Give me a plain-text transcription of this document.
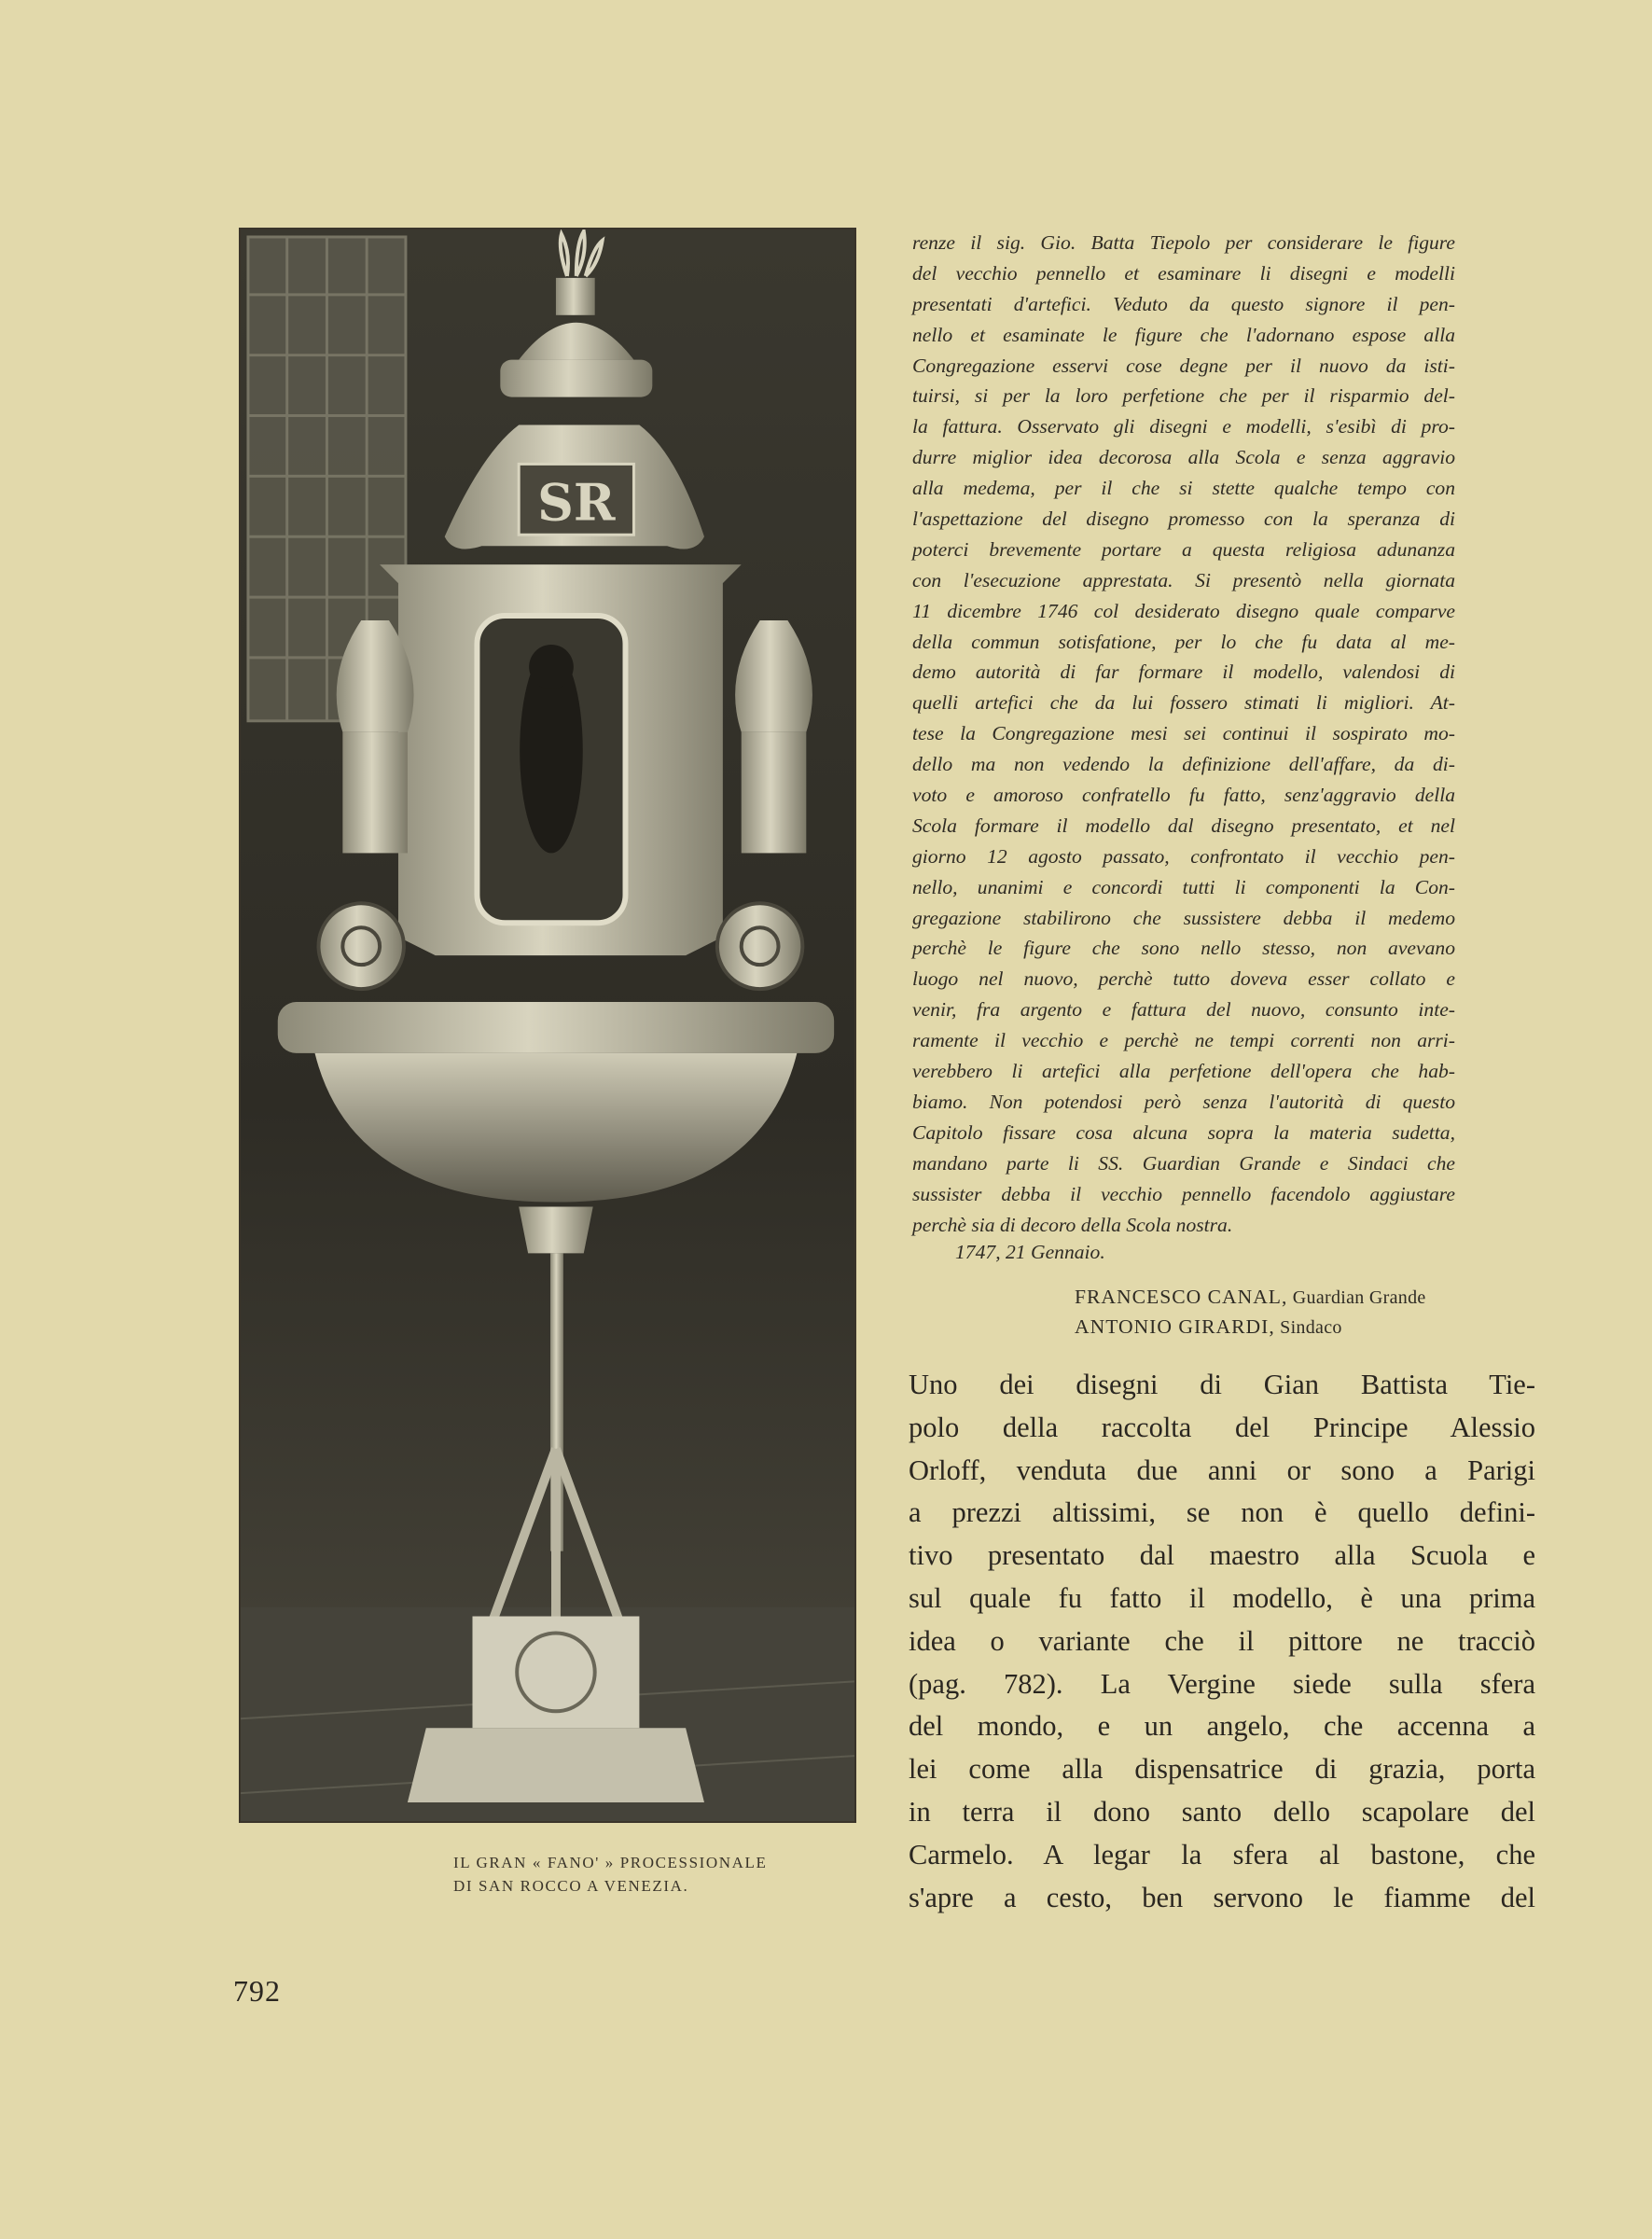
SR
IL GRAN « FANO' » PROCESSIONALE
DI SAN ROCCO A VENEZIA.
renze il sig. Gio. Batta Tiepolo per considerare le figure
del vecchio pennello et esaminare li disegni e modelli
presentati d'artefici. Veduto da questo signore il pen-
nello et esaminate le figure che l'adornano espose alla
Congregazione esservi cose degne per il nuovo da isti-
tuirsi, si per la loro perfetione che per il risparmio del-
la fattura. Osservato gli disegni e modelli, s'esibì di pro-
durre miglior idea decorosa alla Scola e senza aggravio
alla medema, per il che si stette qualche tempo con
l'aspettazione del disegno promesso con la speranza di
poterci brevemente portare a questa religiosa adunanza
con l'esecuzione apprestata. Si presentò nella giornata
11 dicembre 1746 col desiderato disegno quale comparve
della commun sotisfatione, per lo che fu data al me-
demo autorità di far formare il modello, valendosi di
quelli artefici che da lui fossero stimati li migliori. At-
tese la Congregazione mesi sei continui il sospirato mo-
dello ma non vedendo la definizione dell'affare, da di-
voto e amoroso confratello fu fatto, senz'aggravio della
Scola formare il modello dal disegno presentato, et nel
giorno 12 agosto passato, confrontato il vecchio pen-
nello, unanimi e concordi tutti li componenti la Con-
gregazione stabilirono che sussistere debba il medemo
perchè le figure che sono nello stesso, non avevano
luogo nel nuovo, perchè tutto doveva esser collato e
venir, fra argento e fattura del nuovo, consunto inte-
ramente il vecchio e perchè ne tempi correnti non arri-
verebbero li artefici alla perfetione dell'opera che hab-
biamo. Non potendosi però senza l'autorità di questo
Capitolo fissare cosa alcuna sopra la materia sudetta,
mandano parte li SS. Guardian Grande e Sindaci che
sussister debba il vecchio pennello facendolo aggiustare
perchè sia di decoro della Scola nostra.
1747, 21 Gennaio.
FRANCESCO CANAL, Guardian Grande
ANTONIO GIRARDI, Sindaco
Uno dei disegni di Gian Battista Tie-
polo della raccolta del Principe Alessio
Orloff, venduta due anni or sono a Parigi
a prezzi altissimi, se non è quello defini-
tivo presentato dal maestro alla Scuola e
sul quale fu fatto il modello, è una prima
idea o variante che il pittore ne tracciò
(pag. 782). La Vergine siede sulla sfera
del mondo, e un angelo, che accenna a
lei come alla dispensatrice di grazia, porta
in terra il dono santo dello scapolare del
Carmelo. A legar la sfera al bastone, che
s'apre a cesto, ben servono le fiamme del
792
